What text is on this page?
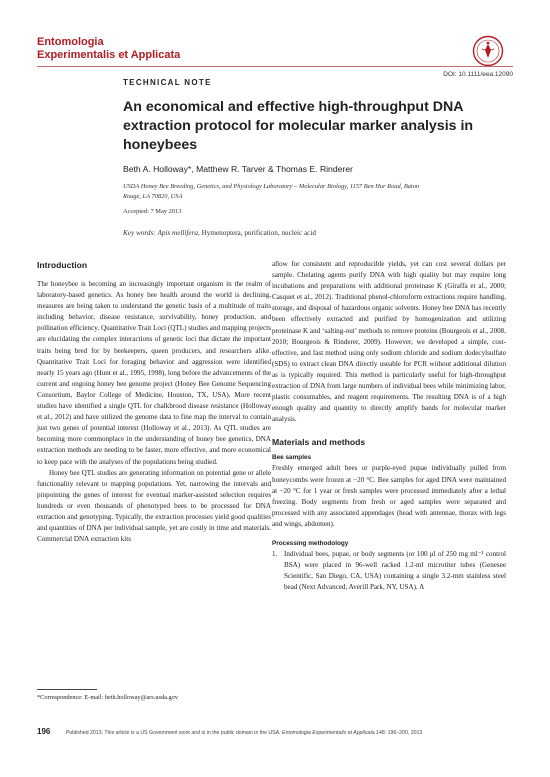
Entomologia
Experimentalis et Applicata
DOI: 10.1111/eea.12090
TECHNICAL NOTE
An economical and effective high-throughput DNA extraction protocol for molecular marker analysis in honeybees
Beth A. Holloway*, Matthew R. Tarver & Thomas E. Rinderer
USDA Honey Bee Breeding, Genetics, and Physiology Laboratory – Molecular Biology, 1157 Ben Hur Road, Baton Rouge, LA 70820, USA
Accepted: 7 May 2013
Key words: Apis mellifera, Hymenoptera, purification, nucleic acid
Introduction

The honeybee is becoming an increasingly important organism in the realm of laboratory-based genetics. As honey bee health around the world is declining, measures are being taken to understand the genetic basis of a multitude of traits including behavior, disease resistance, survivability, honey production, and pollination efficiency. Quantitative Trait Loci (QTL) studies and mapping projects are elucidating the complex interactions of genetic loci that dictate the important traits being bred for by beekeepers, queen producers, and researchers alike. Quantitative Trait Loci for foraging behavior and aggression were identified nearly 15 years ago (Hunt et al., 1995, 1998), long before the advancements of the current and ongoing honey bee genome project (Honey Bee Genome Sequencing Consortium, Baylor College of Medicine, Houston, TX, USA). More recent studies have identified a single QTL for chalkbrood disease resistance (Holloway et al., 2012) and have utilized the genome data to fine map the interval to contain just two genes of potential interest (Holloway et al., 2013). As QTL studies are becoming more commonplace in the understanding of honey bee genetics, DNA extraction methods are needing to be faster, more effective, and more economical to keep pace with the analyses of the populations being studied.

Honey bee QTL studies are generating information on potential gene or allele functionality relevant to mapping populations. Yet, narrowing the intervals and pinpointing the genes of interest for eventual marker-assisted selection requires hundreds or even thousands of phenotyped bees to be processed for DNA extraction and genotyping. Typically, the extraction processes yield good qualities and quantities of DNA per individual sample, yet are costly in time and materials. Commercial DNA extraction kits

allow for consistent and reproducible yields, yet can cost several dollars per sample. Chelating agents purify DNA with high quality but may require long incubations and preparations with additional proteinase K (Giraffa et al., 2000; Casquet et al., 2012). Traditional phenol-chloroform extractions require handling, storage, and disposal of hazardous organic solvents. Honey bee DNA has recently been effectively extracted and purified by homogenization and utilizing proteinase K and ‘salting-out’ methods to remove proteins (Bourgeois et al., 2008, 2010; Bourgeois & Rinderer, 2009). However, we developed a simple, cost-effective, and fast method using only sodium chloride and sodium dodecylsulfate (SDS) to extract clean DNA directly useable for PCR without additional dilution as is typically required. This method is particularly useful for high-throughput extraction of DNA from large numbers of individual bees while minimizing labor, plastic consumables, and reagent requirements. The resulting DNA is of a high enough quality and quantity to directly amplify bands for molecular marker analysis.

Materials and methods
Bee samples

Freshly emerged adult bees or purple-eyed pupae individually pulled from honeycombs were frozen at −20 °C. Bee samples for aged DNA were maintained at −20 °C for 1 year or fresh samples were processed immediately after a lethal freezing. Body segments from fresh or aged samples were separated and processed with any associated appendages (head with antennae, thorax with legs and wings, abdomen).

Processing methodology
1. Individual bees, pupae, or body segments (or 100 μl of 250 mg ml⁻¹ control BSA) were placed in 96-well racked 1.2-ml microtiter tubes (Genesee Scientific, San Diego, CA, USA) containing a single 3.2-mm stainless steel bead (Next Advanced, Averill Park, NY, USA). A
*Correspondence: E-mail: beth.holloway@ars.usda.gov
196	Published 2013. This article is a US Government work and is in the public domain in the USA. Entomologia Experimentalis et Applicata 148: 196–200, 2013
